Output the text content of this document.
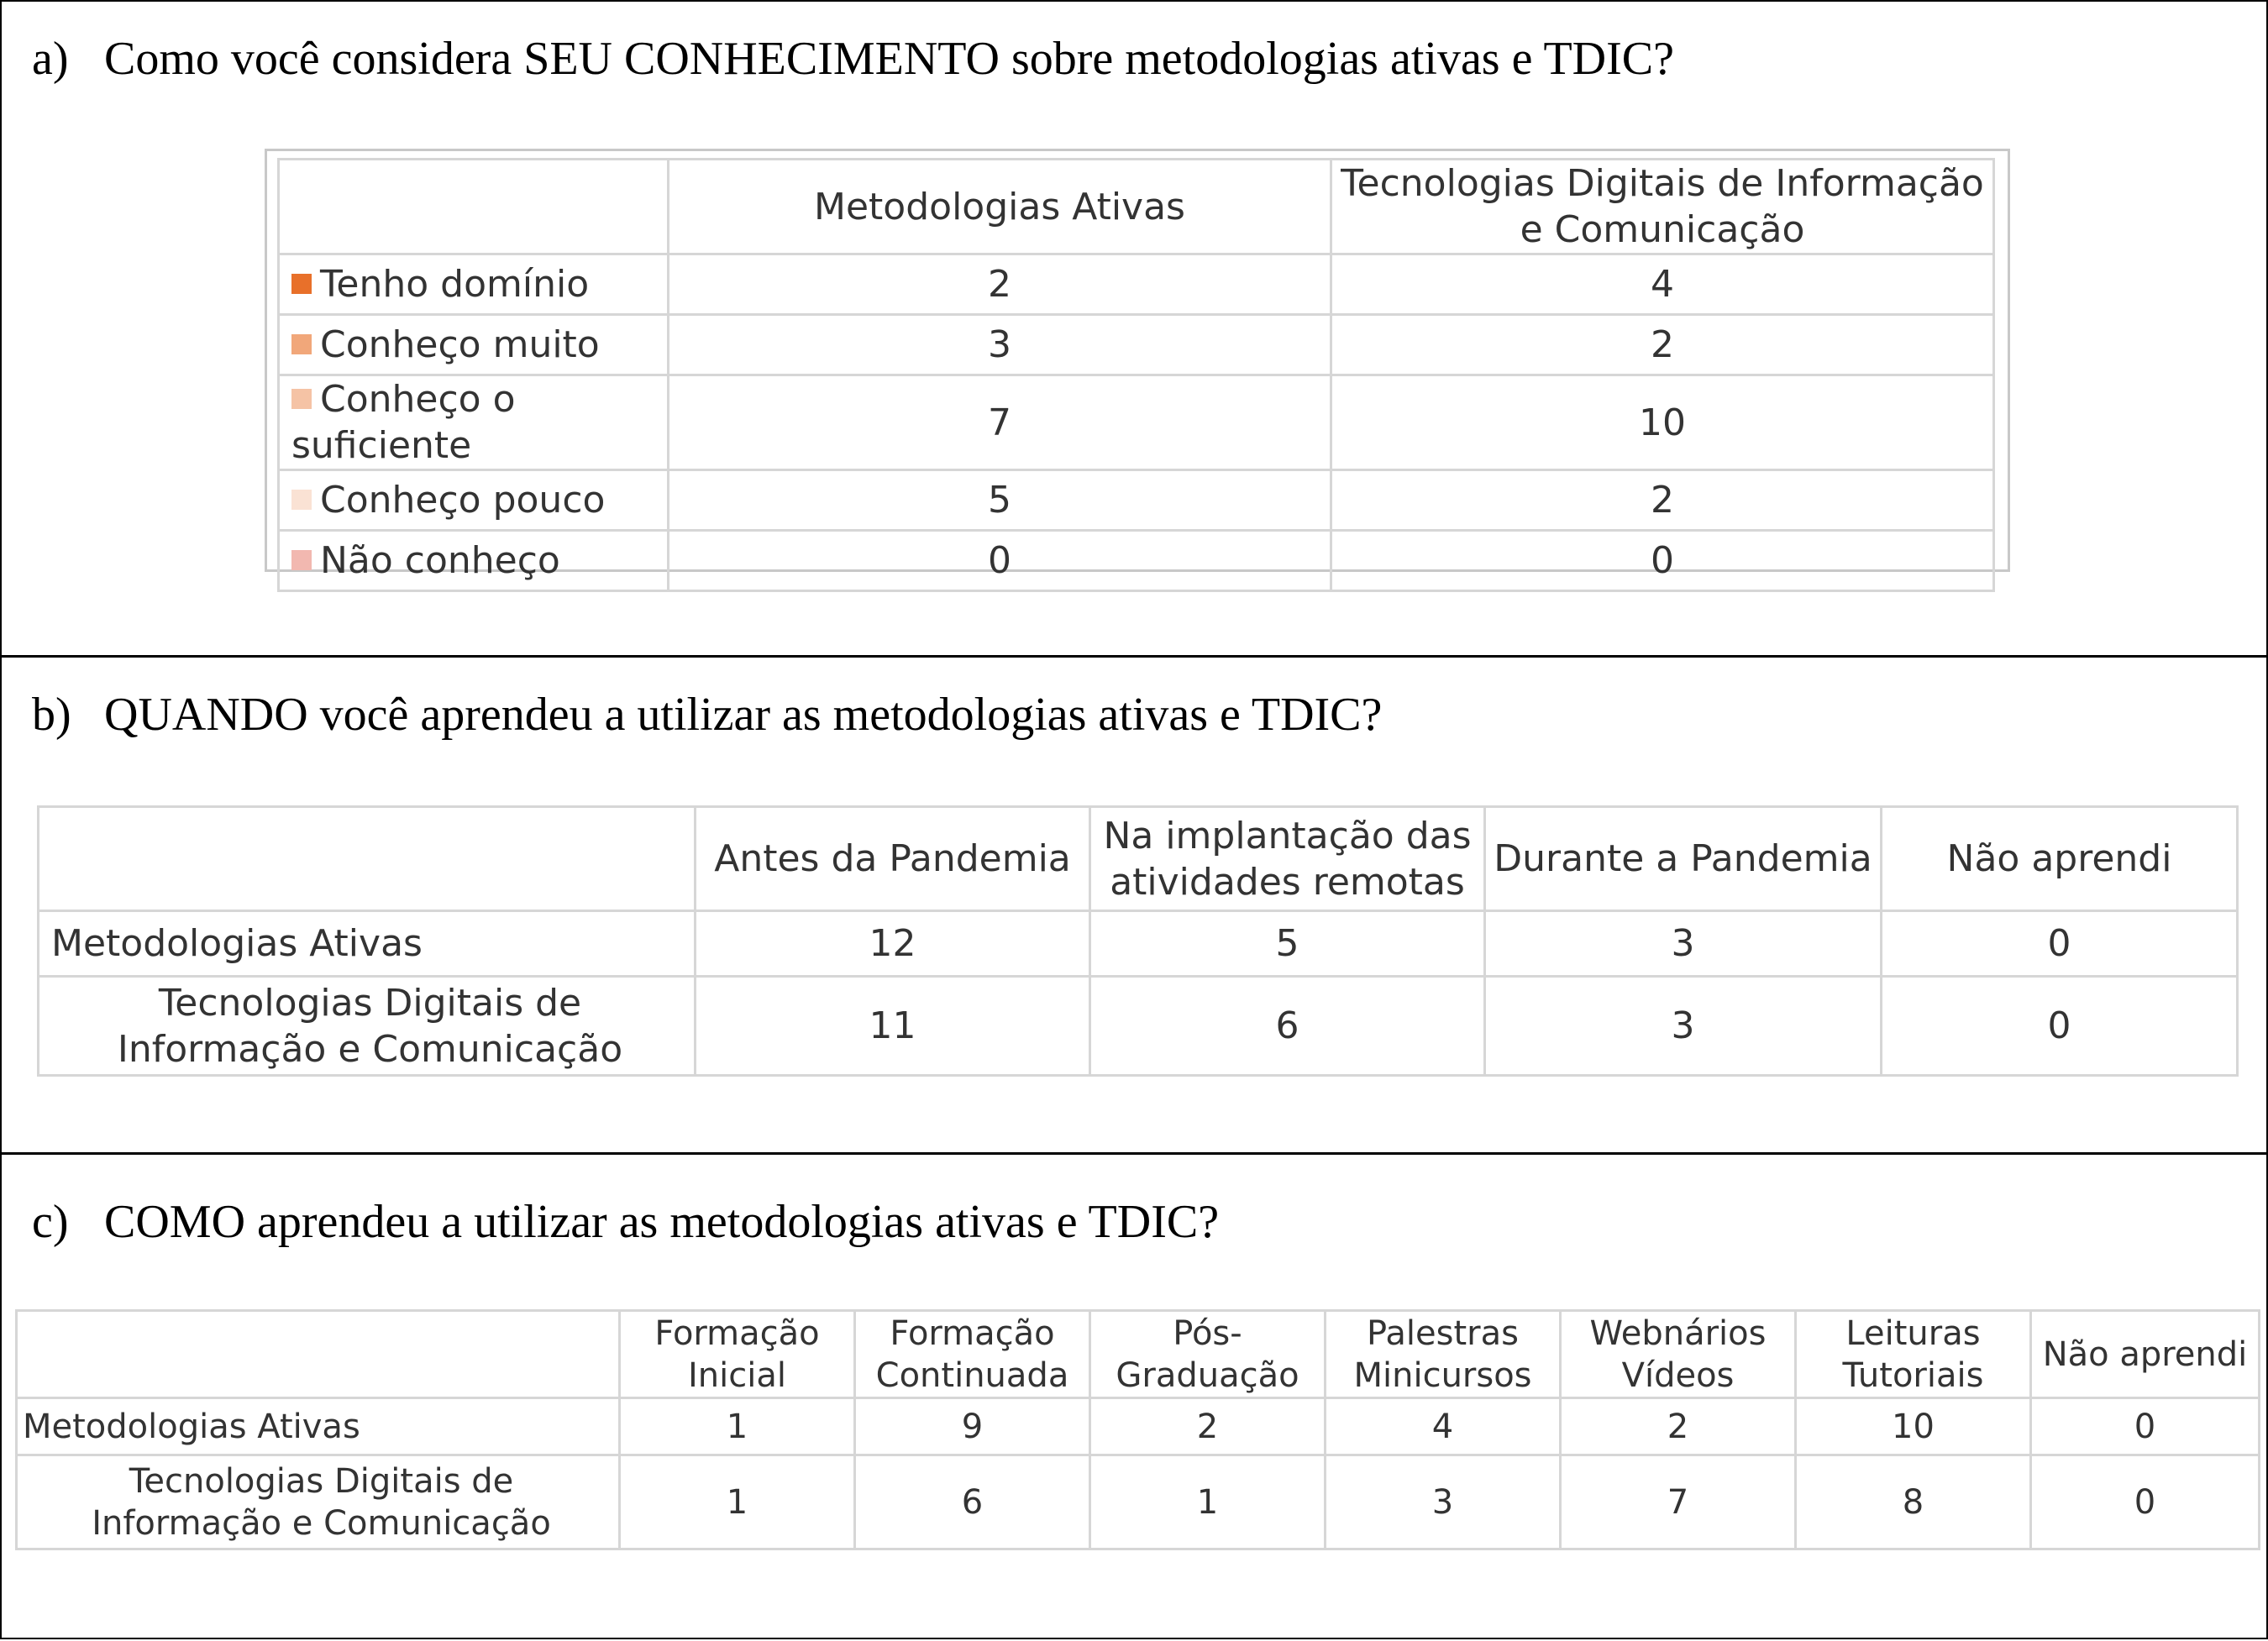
a) Como você considera SEU CONHECIMENTO sobre metodologias ativas e TDIC?
	Metodologias Ativas	Tecnologias Digitais de Informação e Comunicação
Tenho domínio	2	4
Conheço muito	3	2
Conheço o suficiente	7	10
Conheço pouco	5	2
Não conheço	0	0
b) QUANDO você aprendeu a utilizar as metodologias ativas e TDIC?
	Antes da Pandemia	Na implantação das atividades remotas	Durante a Pandemia	Não aprendi
Metodologias Ativas	12	5	3	0
Tecnologias Digitais de Informação e Comunicação	11	6	3	0
c) COMO aprendeu a utilizar as metodologias ativas e TDIC?
	Formação Inicial	Formação Continuada	Pós-Graduação	Palestras Minicursos	Webnários Vídeos	Leituras Tutoriais	Não aprendi
Metodologias Ativas	1	9	2	4	2	10	0
Tecnologias Digitais de Informação e Comunicação	1	6	1	3	7	8	0
